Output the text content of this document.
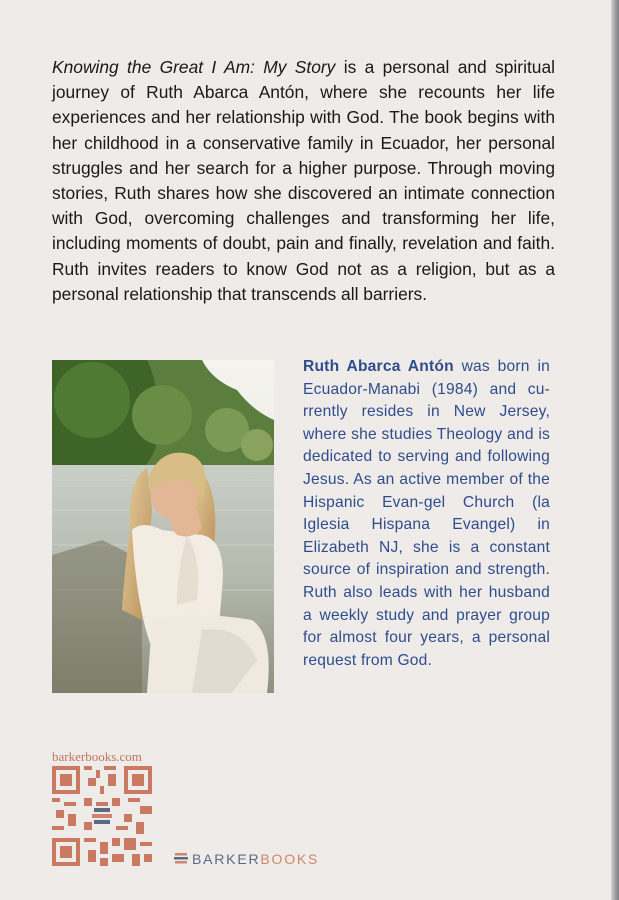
Knowing the Great I Am: My Story is a personal and spiritual journey of Ruth Abarca Antón, where she recounts her life experiences and her relationship with God. The book begins with her childhood in a conservative family in Ecuador, her personal struggles and her search for a higher purpose. Through moving stories, Ruth shares how she discovered an intimate connection with God, overcoming challenges and transforming her life, including moments of doubt, pain and finally, revelation and faith. Ruth invites readers to know God not as a religion, but as a personal relationship that transcends all barriers.

Ruth Abarca Antón was born in Ecuador-Manabi (1984) and cu-rrently resides in New Jersey, where she studies Theology and is dedicated to serving and following Jesus. As an active member of the Hispanic Evan-gel Church (la Iglesia Hispana Evangel) in Elizabeth NJ, she is a constant source of inspiration and strength. Ruth also leads with her husband a weekly study and prayer group for almost four years, a personal request from God.

barkerbooks.com
BARKER BOOKS
